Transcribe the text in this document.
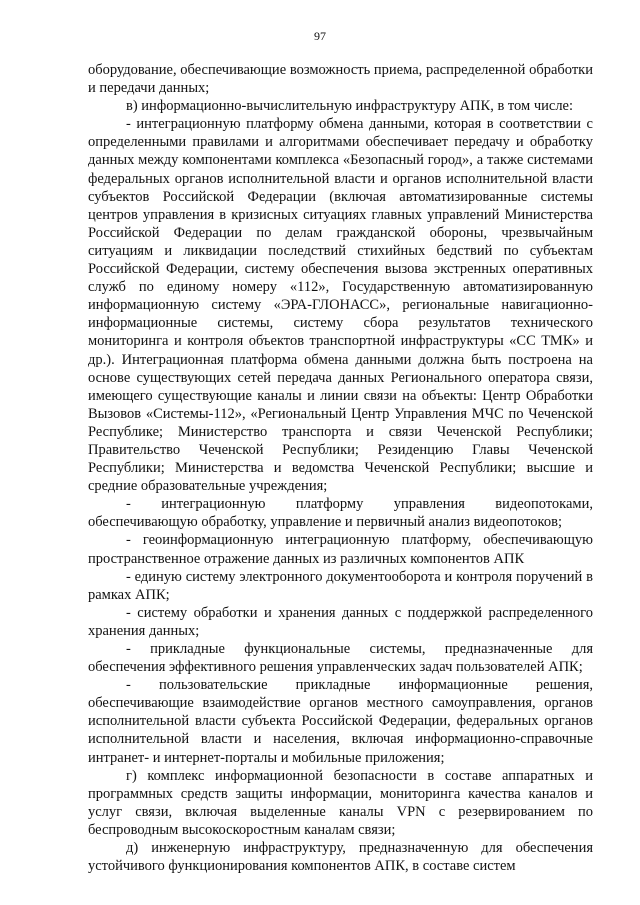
97

оборудование, обеспечивающие возможность приема, распределенной обработки и передачи данных;

в) информационно-вычислительную инфраструктуру АПК, в том числе:

- интеграционную платформу обмена данными, которая в соответствии с определенными правилами и алгоритмами обеспечивает передачу и обработку данных между компонентами комплекса «Безопасный город», а также системами федеральных органов исполнительной власти и органов исполнительной власти субъектов Российской Федерации (включая автоматизированные системы центров управления в кризисных ситуациях главных управлений Министерства Российской Федерации по делам гражданской обороны, чрезвычайным ситуациям и ликвидации последствий стихийных бедствий по субъектам Российской Федерации, систему обеспечения вызова экстренных оперативных служб по единому номеру «112», Государственную автоматизированную информационную систему «ЭРА-ГЛОНАСС», региональные навигационно-информационные системы, систему сбора результатов технического мониторинга и контроля объектов транспортной инфраструктуры «СС ТМК» и др.). Интеграционная платформа обмена данными должна быть построена на основе существующих сетей передача данных Регионального оператора связи, имеющего существующие каналы и линии связи на объекты: Центр Обработки Вызовов «Системы-112», «Региональный Центр Управления МЧС по Чеченской Республике; Министерство транспорта и связи Чеченской Республики; Правительство Чеченской Республики; Резиденцию Главы Чеченской Республики; Министерства и ведомства Чеченской Республики; высшие и средние образовательные учреждения;

- интеграционную платформу управления видеопотоками, обеспечивающую обработку, управление и первичный анализ видеопотоков;

- геоинформационную интеграционную платформу, обеспечивающую пространственное отражение данных из различных компонентов АПК

- единую систему электронного документооборота и контроля поручений в рамках АПК;

- систему обработки и хранения данных с поддержкой распределенного хранения данных;

- прикладные функциональные системы, предназначенные для обеспечения эффективного решения управленческих задач пользователей АПК;

- пользовательские прикладные информационные решения, обеспечивающие взаимодействие органов местного самоуправления, органов исполнительной власти субъекта Российской Федерации, федеральных органов исполнительной власти и населения, включая информационно-справочные интранет- и интернет-порталы и мобильные приложения;

г) комплекс информационной безопасности в составе аппаратных и программных средств защиты информации, мониторинга качества каналов и услуг связи, включая выделенные каналы VPN с резервированием по беспроводным высокоскоростным каналам связи;

д) инженерную инфраструктуру, предназначенную для обеспечения устойчивого функционирования компонентов АПК, в составе систем
